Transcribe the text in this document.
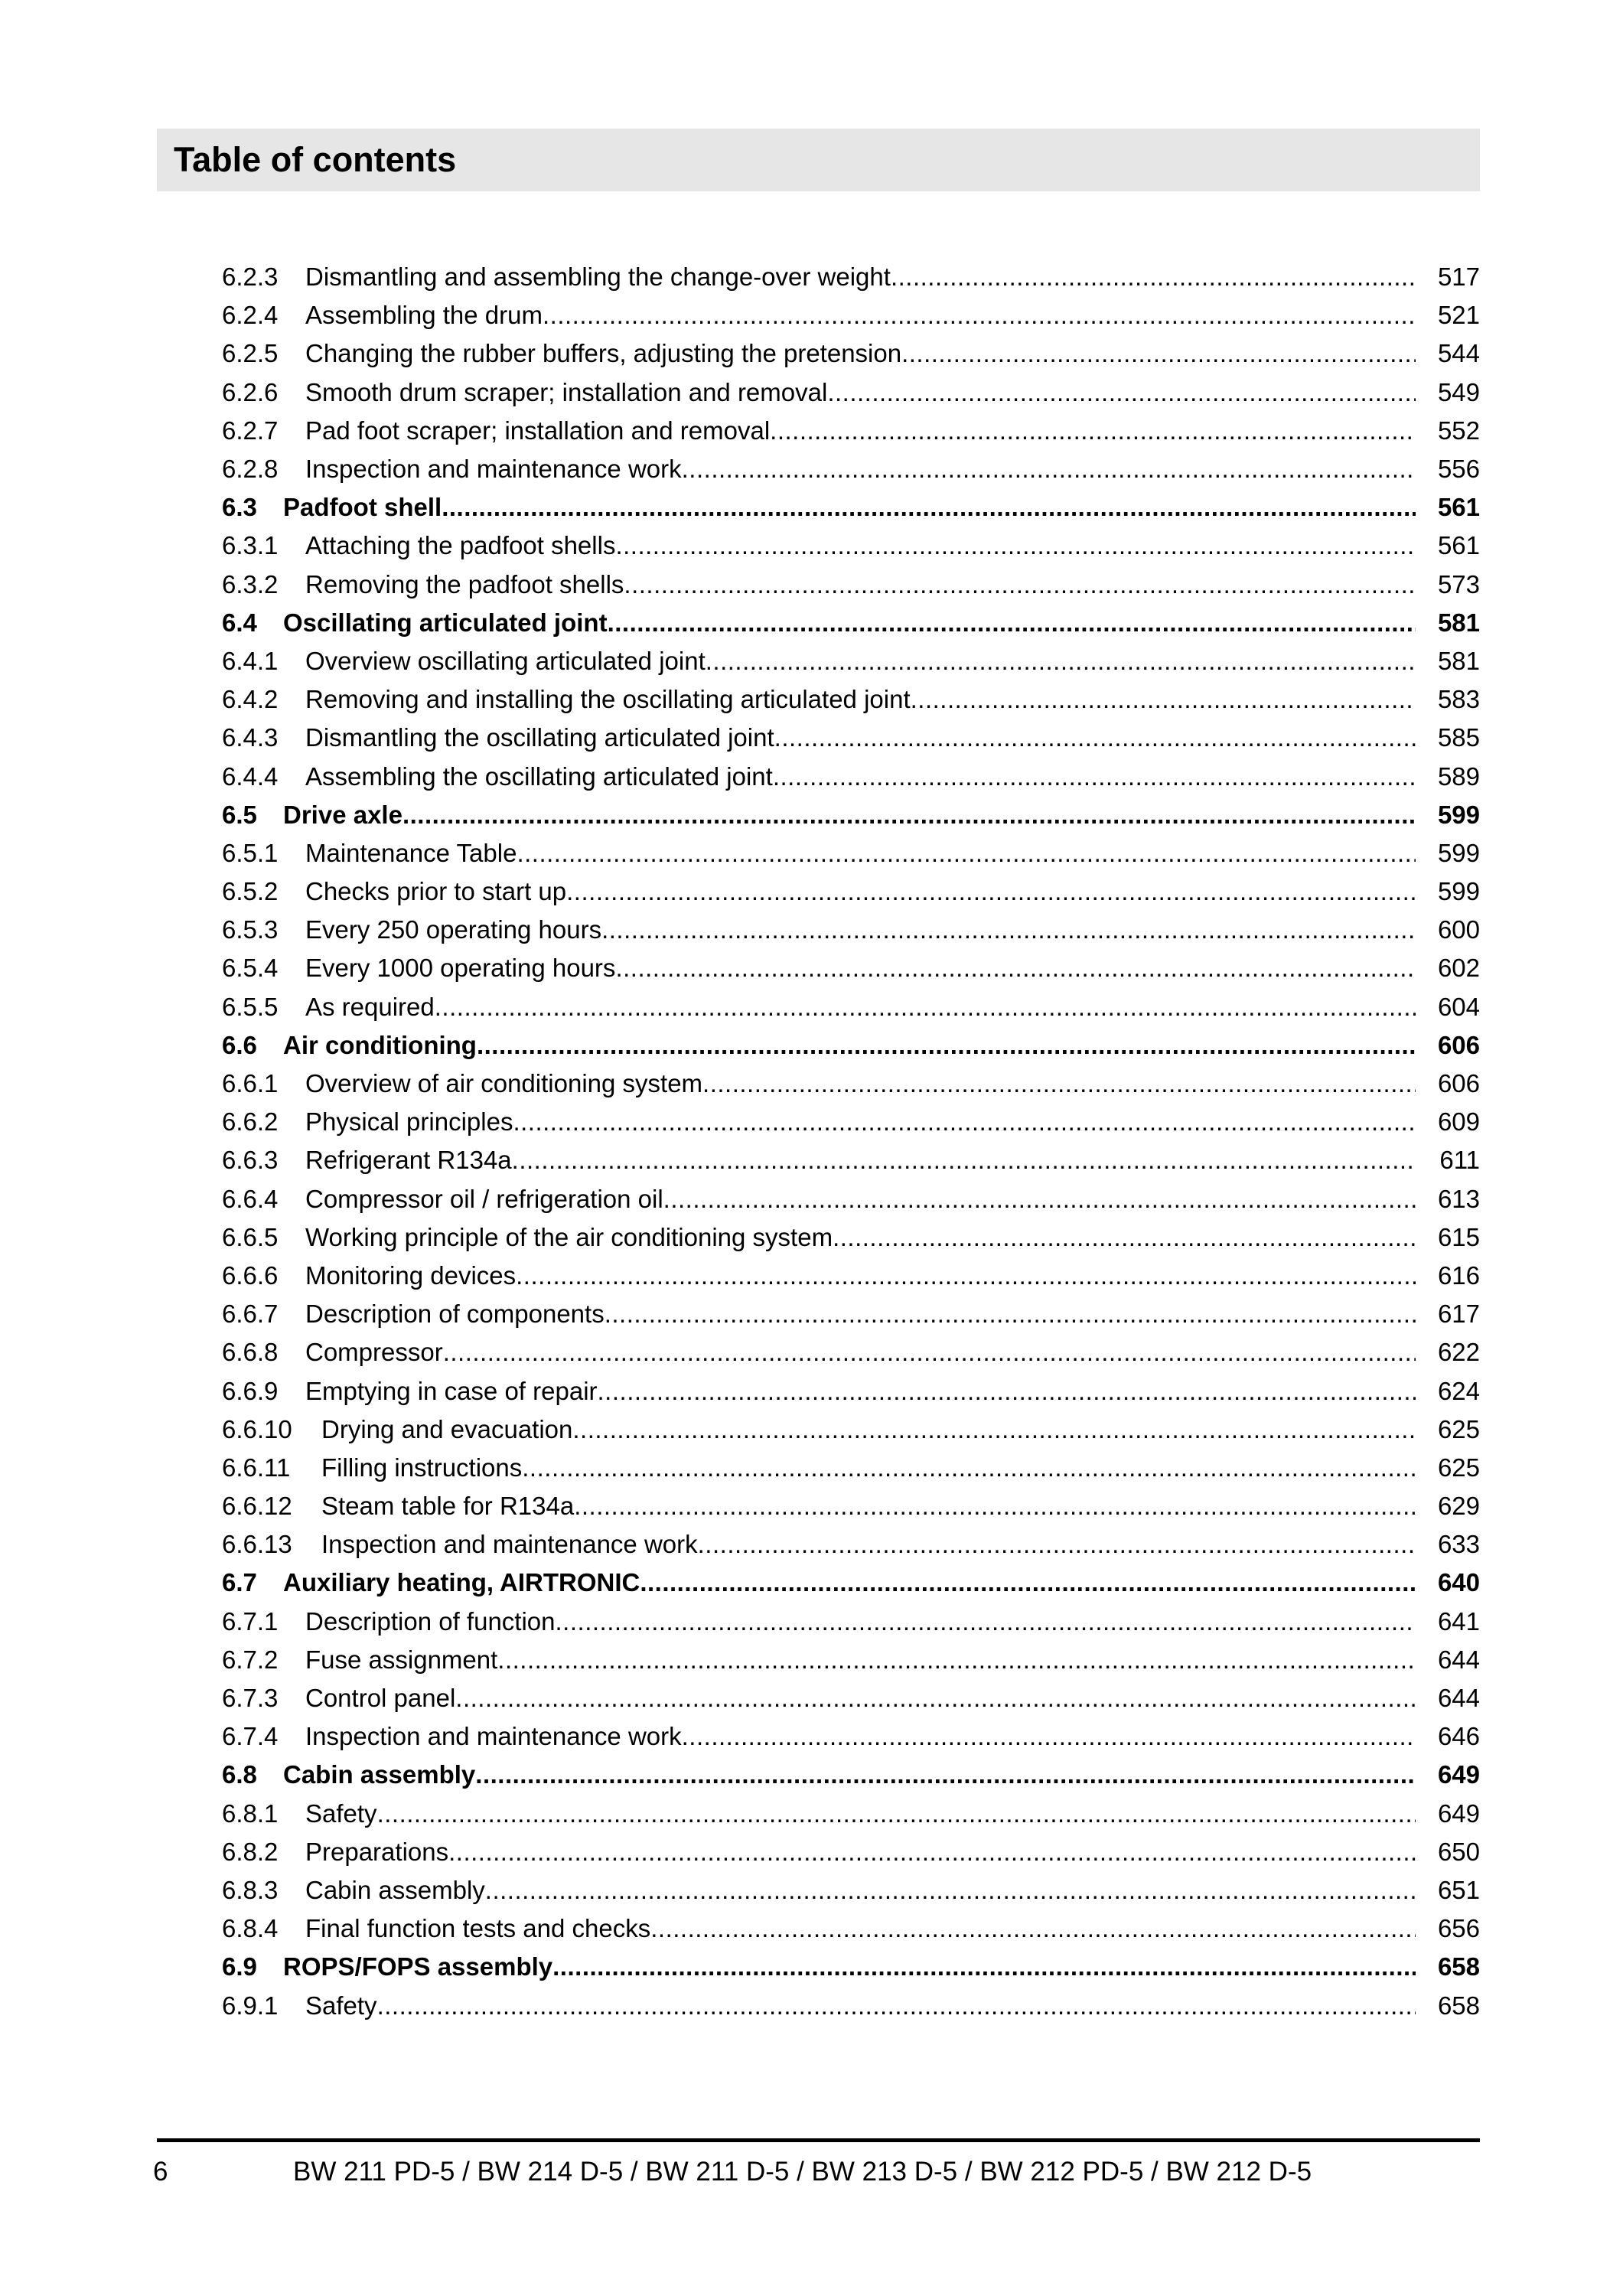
Table of contents
6.2.3	Dismantling and assembling the change-over weight .....	517
6.2.4	Assembling the drum .....	521
6.2.5	Changing the rubber buffers, adjusting the pretension .....	544
6.2.6	Smooth drum scraper; installation and removal .....	549
6.2.7	Pad foot scraper; installation and removal .....	552
6.2.8	Inspection and maintenance work .....	556
6.3	Padfoot shell .....	561
6.3.1	Attaching the padfoot shells .....	561
6.3.2	Removing the padfoot shells .....	573
6.4	Oscillating articulated joint .....	581
6.4.1	Overview oscillating articulated joint .....	581
6.4.2	Removing and installing the oscillating articulated joint .....	583
6.4.3	Dismantling the oscillating articulated joint .....	585
6.4.4	Assembling the oscillating articulated joint .....	589
6.5	Drive axle .....	599
6.5.1	Maintenance Table .....	599
6.5.2	Checks prior to start up .....	599
6.5.3	Every 250 operating hours .....	600
6.5.4	Every 1000 operating hours .....	602
6.5.5	As required .....	604
6.6	Air conditioning .....	606
6.6.1	Overview of air conditioning system .....	606
6.6.2	Physical principles .....	609
6.6.3	Refrigerant R134a .....	611
6.6.4	Compressor oil / refrigeration oil .....	613
6.6.5	Working principle of the air conditioning system .....	615
6.6.6	Monitoring devices .....	616
6.6.7	Description of components .....	617
6.6.8	Compressor .....	622
6.6.9	Emptying in case of repair .....	624
6.6.10	Drying and evacuation .....	625
6.6.11	Filling instructions .....	625
6.6.12	Steam table for R134a .....	629
6.6.13	Inspection and maintenance work .....	633
6.7	Auxiliary heating, AIRTRONIC .....	640
6.7.1	Description of function .....	641
6.7.2	Fuse assignment .....	644
6.7.3	Control panel .....	644
6.7.4	Inspection and maintenance work .....	646
6.8	Cabin assembly .....	649
6.8.1	Safety .....	649
6.8.2	Preparations .....	650
6.8.3	Cabin assembly .....	651
6.8.4	Final function tests and checks .....	656
6.9	ROPS/FOPS assembly .....	658
6.9.1	Safety .....	658
6	BW 211 PD-5 / BW 214 D-5 / BW 211 D-5 / BW 213 D-5 / BW 212 PD-5 / BW 212 D-5
